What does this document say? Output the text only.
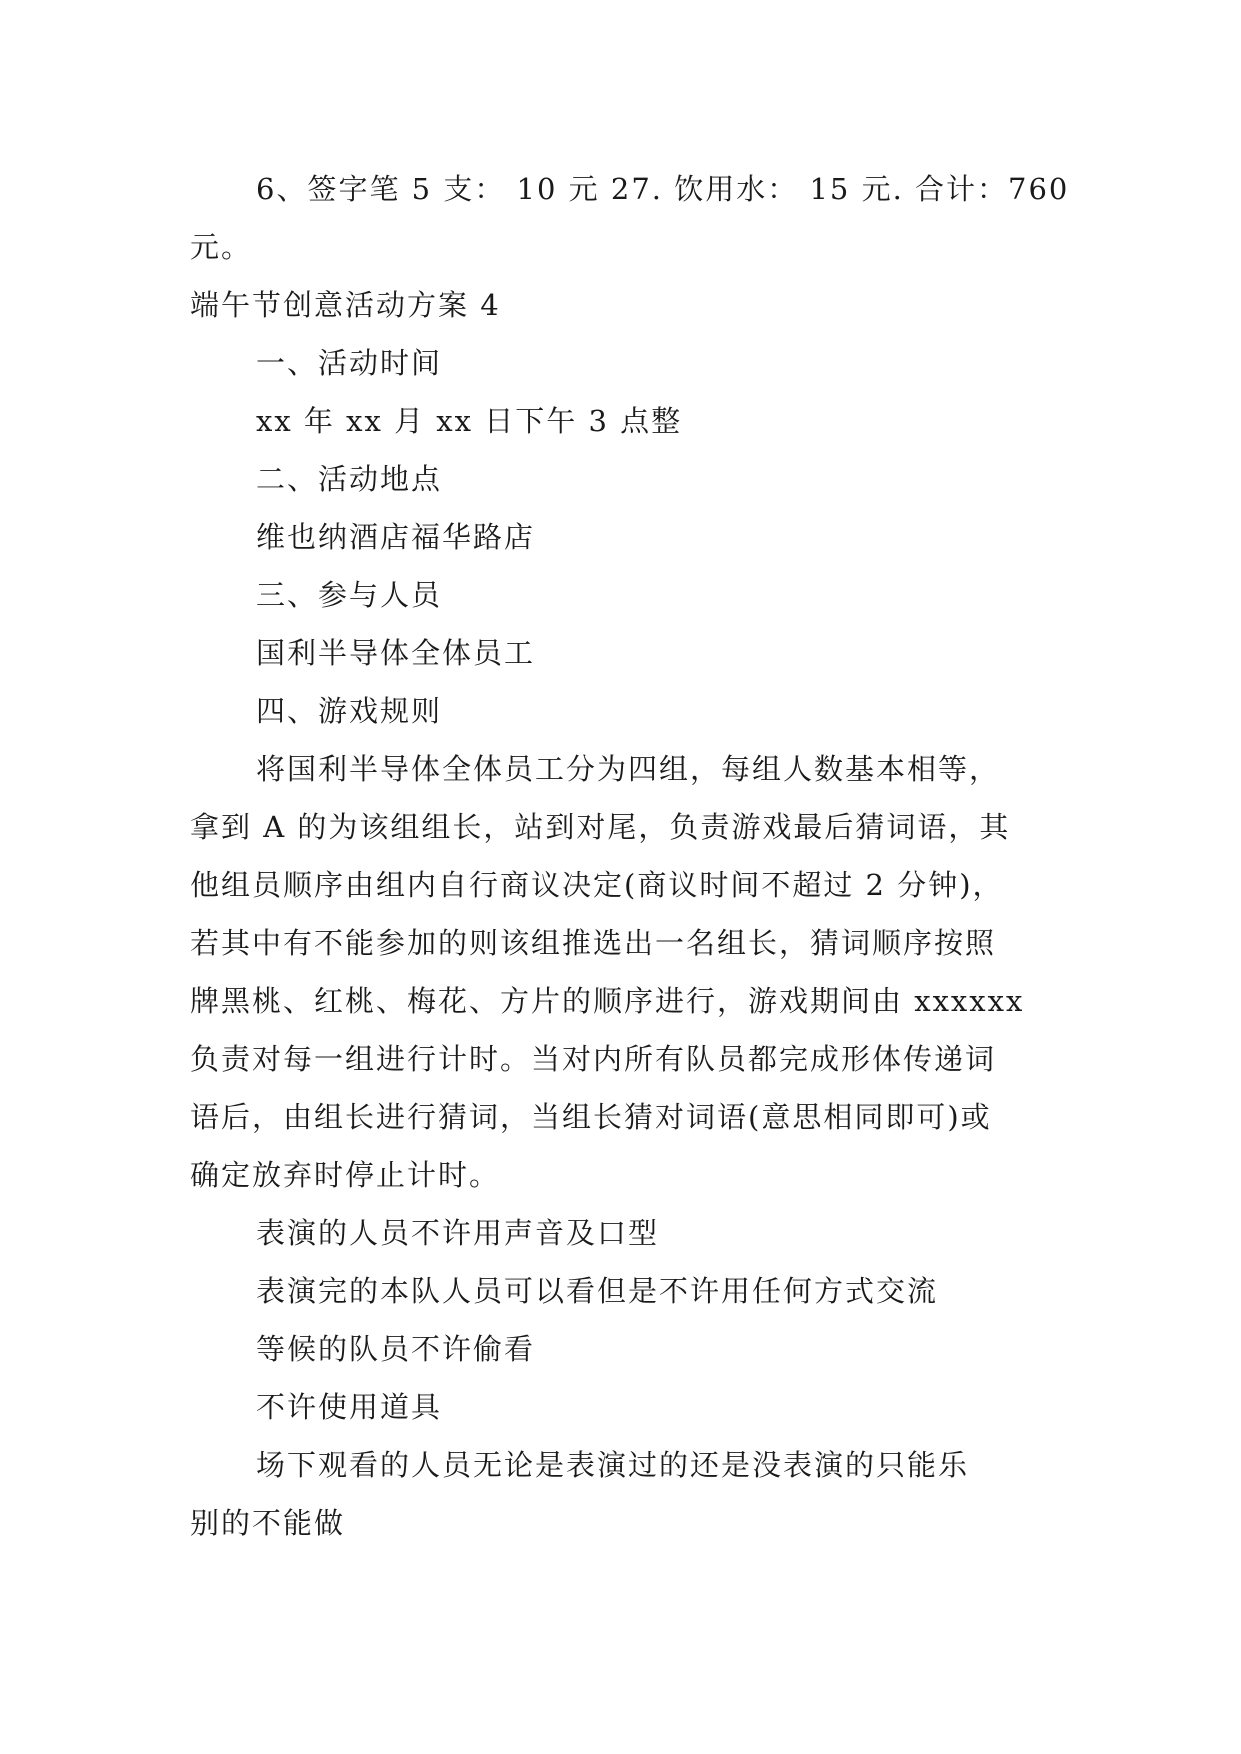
6、签字笔 5 支： 10 元 27. 饮用水： 15 元. 合计：760
元。
端午节创意活动方案 4
一、活动时间
xx 年 xx 月 xx 日下午 3 点整
二、活动地点
维也纳酒店福华路店
三、参与人员
国利半导体全体员工
四、游戏规则
将国利半导体全体员工分为四组，每组人数基本相等，
拿到 A 的为该组组长，站到对尾，负责游戏最后猜词语，其
他组员顺序由组内自行商议决定(商议时间不超过 2 分钟)，
若其中有不能参加的则该组推选出一名组长，猜词顺序按照
牌黑桃、红桃、梅花、方片的顺序进行，游戏期间由 xxxxxx
负责对每一组进行计时。当对内所有队员都完成形体传递词
语后，由组长进行猜词，当组长猜对词语(意思相同即可)或
确定放弃时停止计时。
表演的人员不许用声音及口型
表演完的本队人员可以看但是不许用任何方式交流
等候的队员不许偷看
不许使用道具
场下观看的人员无论是表演过的还是没表演的只能乐
别的不能做
